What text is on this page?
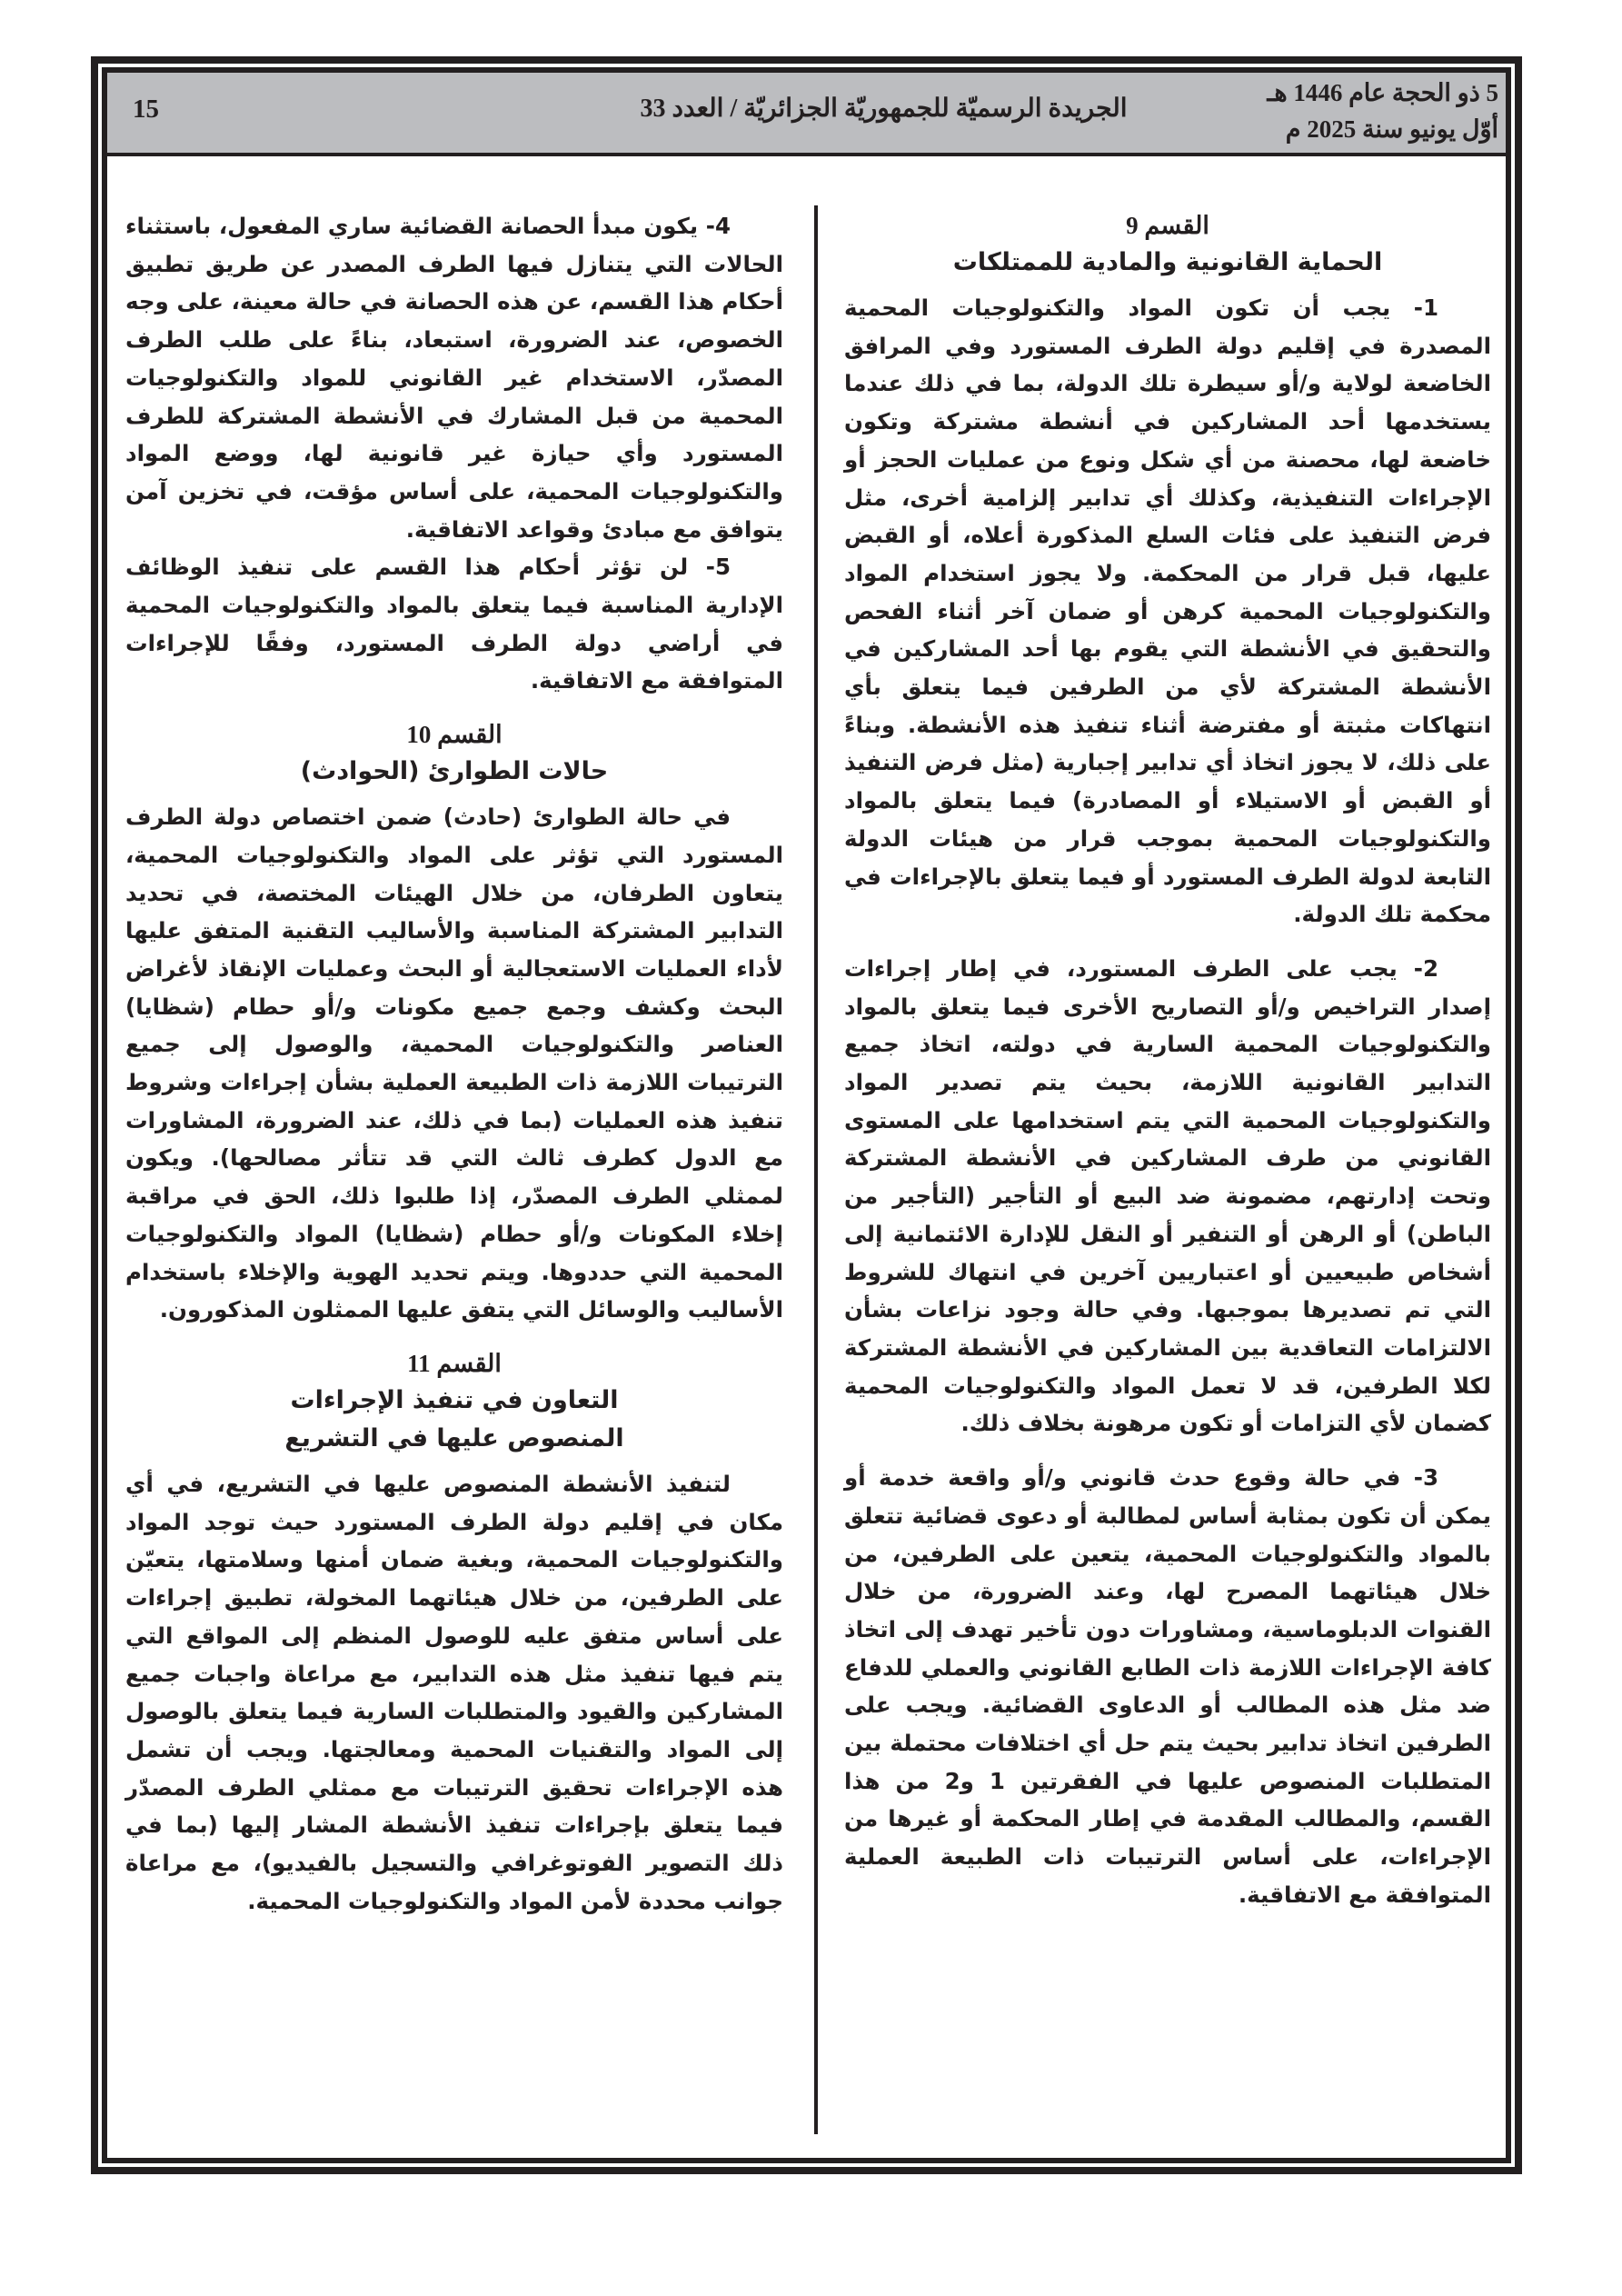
5 ذو الحجة عام 1446 هـ
أوّل يونيو سنة 2025 م
الجريدة الرسميّة للجمهوريّة الجزائريّة / العدد 33
15
القسم 9
الحماية القانونية والمادية للممتلكات

1- يجب أن تكون المواد والتكنولوجيات المحمية المصدرة في إقليم دولة الطرف المستورد وفي المرافق الخاضعة لولاية و/أو سيطرة تلك الدولة، بما في ذلك عندما يستخدمها أحد المشاركين في أنشطة مشتركة وتكون خاضعة لها، محصنة من أي شكل ونوع من عمليات الحجز أو الإجراءات التنفيذية، وكذلك أي تدابير إلزامية أخرى، مثل فرض التنفيذ على فئات السلع المذكورة أعلاه، أو القبض عليها، قبل قرار من المحكمة. ولا يجوز استخدام المواد والتكنولوجيات المحمية كرهن أو ضمان آخر أثناء الفحص والتحقيق في الأنشطة التي يقوم بها أحد المشاركين في الأنشطة المشتركة لأي من الطرفين فيما يتعلق بأي انتهاكات مثبتة أو مفترضة أثناء تنفيذ هذه الأنشطة. وبناءً على ذلك، لا يجوز اتخاذ أي تدابير إجبارية (مثل فرض التنفيذ أو القبض أو الاستيلاء أو المصادرة) فيما يتعلق بالمواد والتكنولوجيات المحمية بموجب قرار من هيئات الدولة التابعة لدولة الطرف المستورد أو فيما يتعلق بالإجراءات في محكمة تلك الدولة.

2- يجب على الطرف المستورد، في إطار إجراءات إصدار التراخيص و/أو التصاريح الأخرى فيما يتعلق بالمواد والتكنولوجيات المحمية السارية في دولته، اتخاذ جميع التدابير القانونية اللازمة، بحيث يتم تصدير المواد والتكنولوجيات المحمية التي يتم استخدامها على المستوى القانوني من طرف المشاركين في الأنشطة المشتركة وتحت إدارتهم، مضمونة ضد البيع أو التأجير (التأجير من الباطن) أو الرهن أو التنفير أو النقل للإدارة الائتمانية إلى أشخاص طبيعيين أو اعتباريين آخرين في انتهاك للشروط التي تم تصديرها بموجبها. وفي حالة وجود نزاعات بشأن الالتزامات التعاقدية بين المشاركين في الأنشطة المشتركة لكلا الطرفين، قد لا تعمل المواد والتكنولوجيات المحمية كضمان لأي التزامات أو تكون مرهونة بخلاف ذلك.

3- في حالة وقوع حدث قانوني و/أو واقعة خدمة أو يمكن أن تكون بمثابة أساس لمطالبة أو دعوى قضائية تتعلق بالمواد والتكنولوجيات المحمية، يتعين على الطرفين، من خلال هيئاتهما المصرح لها، وعند الضرورة، من خلال القنوات الدبلوماسية، ومشاورات دون تأخير تهدف إلى اتخاذ كافة الإجراءات اللازمة ذات الطابع القانوني والعملي للدفاع ضد مثل هذه المطالب أو الدعاوى القضائية. ويجب على الطرفين اتخاذ تدابير بحيث يتم حل أي اختلافات محتملة بين المتطلبات المنصوص عليها في الفقرتين 1 و2 من هذا القسم، والمطالب المقدمة في إطار المحكمة أو غيرها من الإجراءات، على أساس الترتيبات ذات الطبيعة العملية المتوافقة مع الاتفاقية.

4- يكون مبدأ الحصانة القضائية ساري المفعول، باستثناء الحالات التي يتنازل فيها الطرف المصدر عن طريق تطبيق أحكام هذا القسم، عن هذه الحصانة في حالة معينة، على وجه الخصوص، عند الضرورة، استبعاد، بناءً على طلب الطرف المصدّر، الاستخدام غير القانوني للمواد والتكنولوجيات المحمية من قبل المشارك في الأنشطة المشتركة للطرف المستورد وأي حيازة غير قانونية لها، ووضع المواد والتكنولوجيات المحمية، على أساس مؤقت، في تخزين آمن يتوافق مع مبادئ وقواعد الاتفاقية.

5- لن تؤثر أحكام هذا القسم على تنفيذ الوظائف الإدارية المناسبة فيما يتعلق بالمواد والتكنولوجيات المحمية في أراضي دولة الطرف المستورد، وفقًا للإجراءات المتوافقة مع الاتفاقية.

القسم 10
حالات الطوارئ (الحوادث)

في حالة الطوارئ (حادث) ضمن اختصاص دولة الطرف المستورد التي تؤثر على المواد والتكنولوجيات المحمية، يتعاون الطرفان، من خلال الهيئات المختصة، في تحديد التدابير المشتركة المناسبة والأساليب التقنية المتفق عليها لأداء العمليات الاستعجالية أو البحث وعمليات الإنقاذ لأغراض البحث وكشف وجمع جميع مكونات و/أو حطام (شظايا) العناصر والتكنولوجيات المحمية، والوصول إلى جميع الترتيبات اللازمة ذات الطبيعة العملية بشأن إجراءات وشروط تنفيذ هذه العمليات (بما في ذلك، عند الضرورة، المشاورات مع الدول كطرف ثالث التي قد تتأثر مصالحها). ويكون لممثلي الطرف المصدّر، إذا طلبوا ذلك، الحق في مراقبة إخلاء المكونات و/أو حطام (شظايا) المواد والتكنولوجيات المحمية التي حددوها. ويتم تحديد الهوية والإخلاء باستخدام الأساليب والوسائل التي يتفق عليها الممثلون المذكورون.

القسم 11
التعاون في تنفيذ الإجراءات
المنصوص عليها في التشريع

لتنفيذ الأنشطة المنصوص عليها في التشريع، في أي مكان في إقليم دولة الطرف المستورد حيث توجد المواد والتكنولوجيات المحمية، وبغية ضمان أمنها وسلامتها، يتعيّن على الطرفين، من خلال هيئاتهما المخولة، تطبيق إجراءات على أساس متفق عليه للوصول المنظم إلى المواقع التي يتم فيها تنفيذ مثل هذه التدابير، مع مراعاة واجبات جميع المشاركين والقيود والمتطلبات السارية فيما يتعلق بالوصول إلى المواد والتقنيات المحمية ومعالجتها. ويجب أن تشمل هذه الإجراءات تحقيق الترتيبات مع ممثلي الطرف المصدّر فيما يتعلق بإجراءات تنفيذ الأنشطة المشار إليها (بما في ذلك التصوير الفوتوغرافي والتسجيل بالفيديو)، مع مراعاة جوانب محددة لأمن المواد والتكنولوجيات المحمية.
